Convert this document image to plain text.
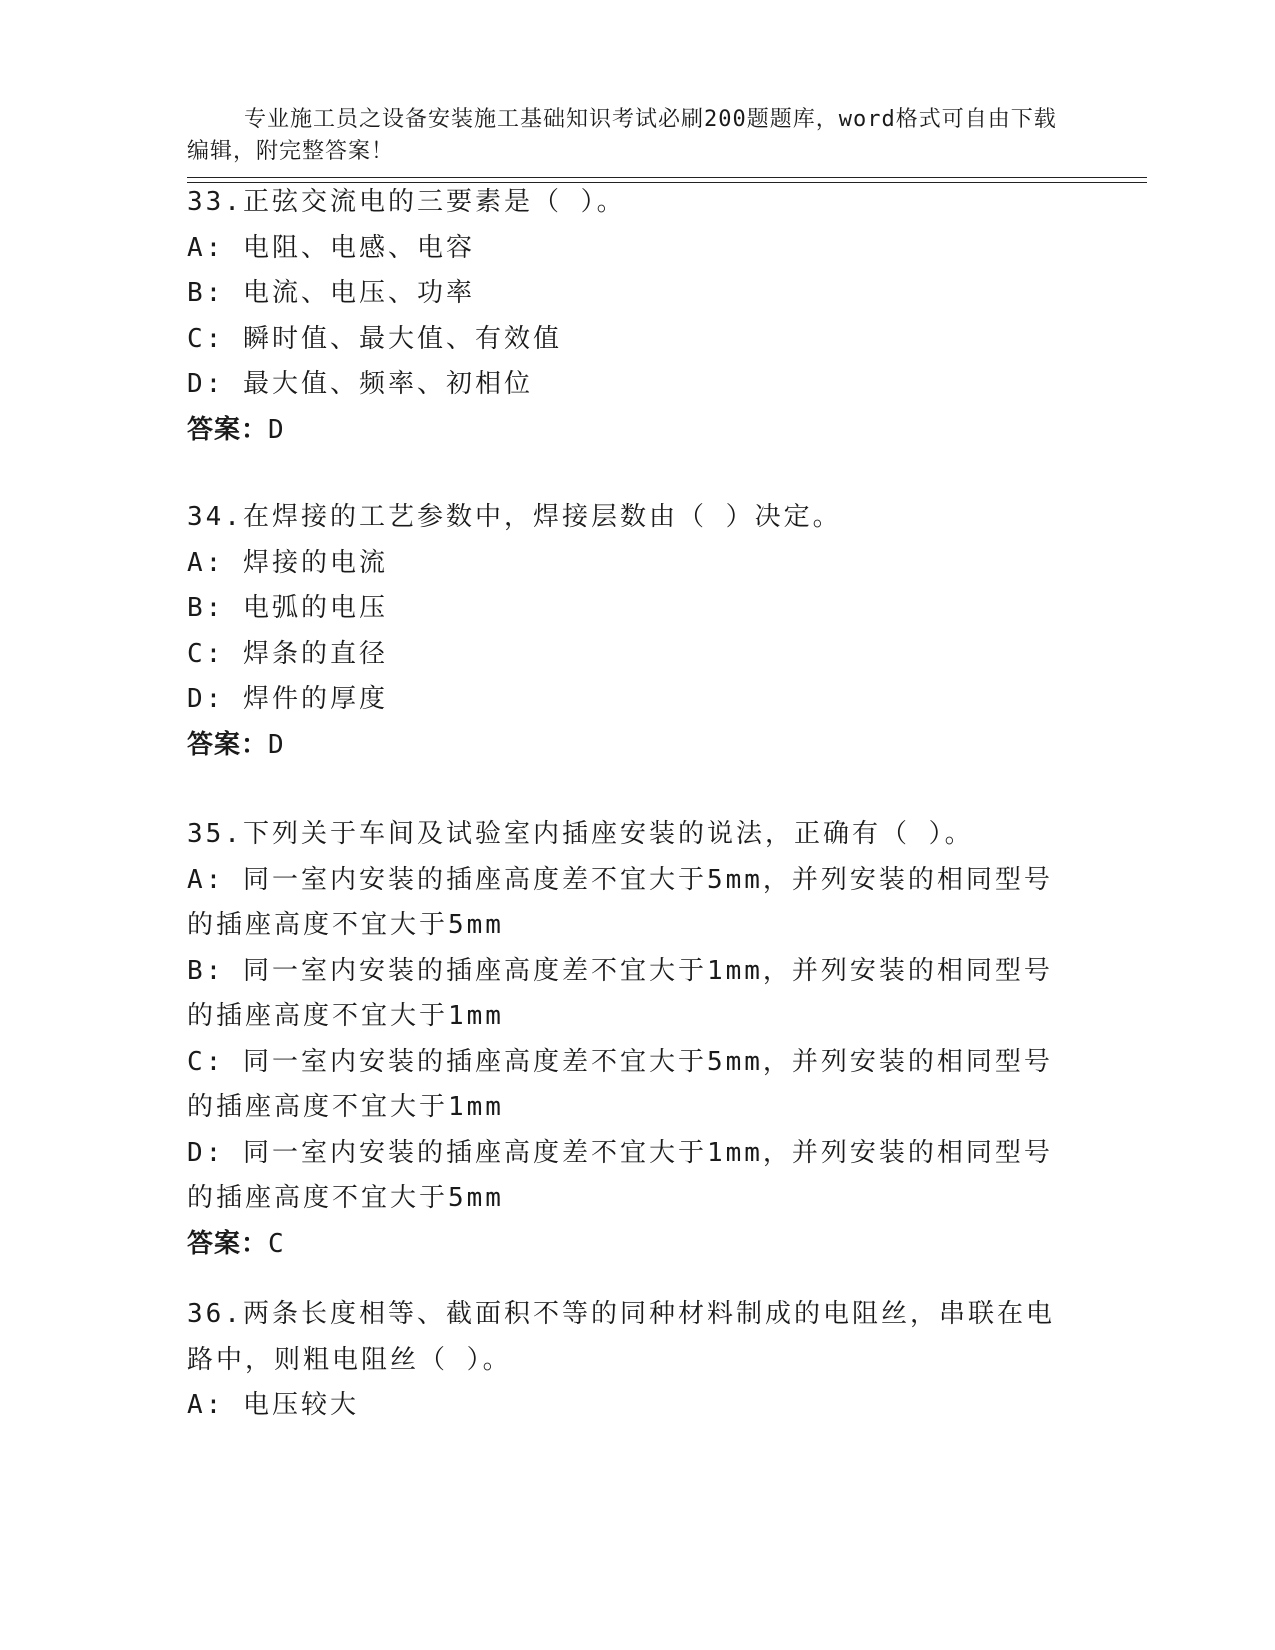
专业施工员之设备安装施工基础知识考试必刷200题题库，word格式可自由下载编辑，附完整答案！

33.正弦交流电的三要素是（ ）。

A: 电阻、电感、电容

B: 电流、电压、功率

C: 瞬时值、最大值、有效值

D: 最大值、频率、初相位

答案：D

34.在焊接的工艺参数中，焊接层数由（ ）决定。

A: 焊接的电流

B: 电弧的电压

C: 焊条的直径

D: 焊件的厚度

答案：D

35.下列关于车间及试验室内插座安装的说法，正确有（ ）。

A: 同一室内安装的插座高度差不宜大于5mm，并列安装的相同型号的插座高度不宜大于5mm

B: 同一室内安装的插座高度差不宜大于1mm，并列安装的相同型号的插座高度不宜大于1mm

C: 同一室内安装的插座高度差不宜大于5mm，并列安装的相同型号的插座高度不宜大于1mm

D: 同一室内安装的插座高度差不宜大于1mm，并列安装的相同型号的插座高度不宜大于5mm

答案：C

36.两条长度相等、截面积不等的同种材料制成的电阻丝，串联在电路中，则粗电阻丝（ ）。

A: 电压较大
